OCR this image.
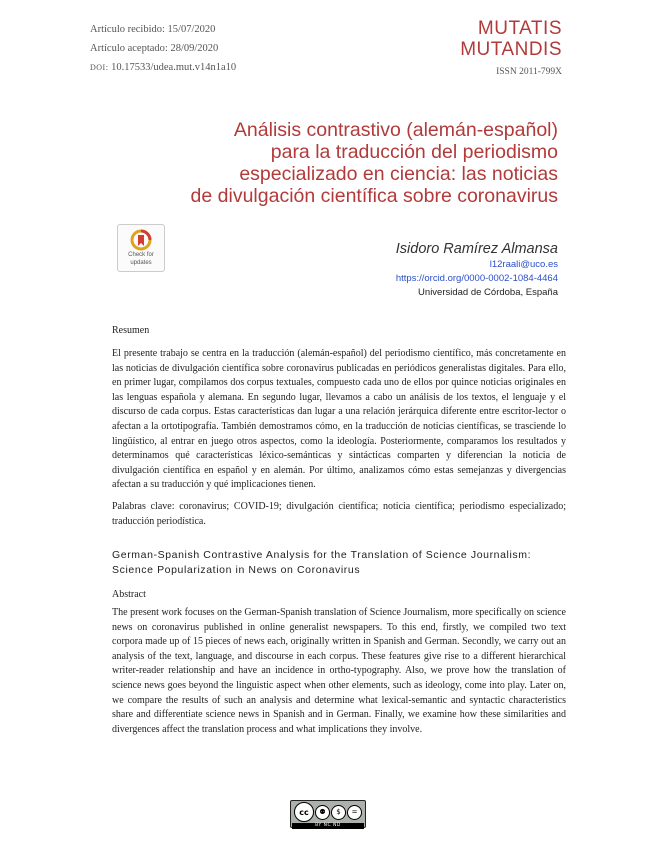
Artículo recibido: 15/07/2020
Artículo aceptado: 28/09/2020
DOI: 10.17533/udea.mut.v14n1a10
MUTATIS
MUTANDIS
ISSN 2011-799X
Análisis contrastivo (alemán-español)
para la traducción del periodismo
especializado en ciencia: las noticias
de divulgación científica sobre coronavirus
Check for
updates
Isidoro Ramírez Almansa
l12raali@uco.es
https://orcid.org/0000-0002-1084-4464
Universidad de Córdoba, España
Resumen

El presente trabajo se centra en la traducción (alemán-español) del periodismo científico, más concretamente en las noticias de divulgación científica sobre coronavirus publicadas en periódicos generalistas digitales. Para ello, en primer lugar, compilamos dos corpus textuales, compuesto cada uno de ellos por quince noticias originales en las lenguas española y alemana. En segundo lugar, llevamos a cabo un análisis de los textos, el lenguaje y el discurso de cada corpus. Estas características dan lugar a una relación jerárquica diferente entre escritor-lector o afectan a la ortotipografía. También demostramos cómo, en la traducción de noticias científicas, se trasciende lo lingüístico, al entrar en juego otros aspectos, como la ideología. Posteriormente, comparamos los resultados y determinamos qué características léxico-semánticas y sintácticas comparten y diferencian la noticia de divulgación científica en español y en alemán. Por último, analizamos cómo estas semejanzas y divergencias afectan a su traducción y qué implicaciones tienen.

Palabras clave: coronavirus; COVID-19; divulgación científica; noticia científica; periodismo especializado; traducción periodística.

German-Spanish Contrastive Analysis for the Translation of Science Journalism: Science Popularization in News on Coronavirus
Abstract

The present work focuses on the German-Spanish translation of Science Journalism, more specifically on science news on coronavirus published in online generalist newspapers. To this end, firstly, we compiled two text corpora made up of 15 pieces of news each, originally written in Spanish and German. Secondly, we carry out an analysis of the text, language, and discourse in each corpus. These features give rise to a different hierarchical writer-reader relationship and have an incidence in ortho-typography. Also, we prove how the translation of science news goes beyond the linguistic aspect when other elements, such as ideology, come into play. Later on, we compare the results of such an analysis and determine what lexical-semantic and syntactic characteristics share and differentiate science news in Spanish and in German. Finally, we examine how these similarities and divergences affect the translation process and what implications they involve.

cc	⚉	$	=
BY NC ND
